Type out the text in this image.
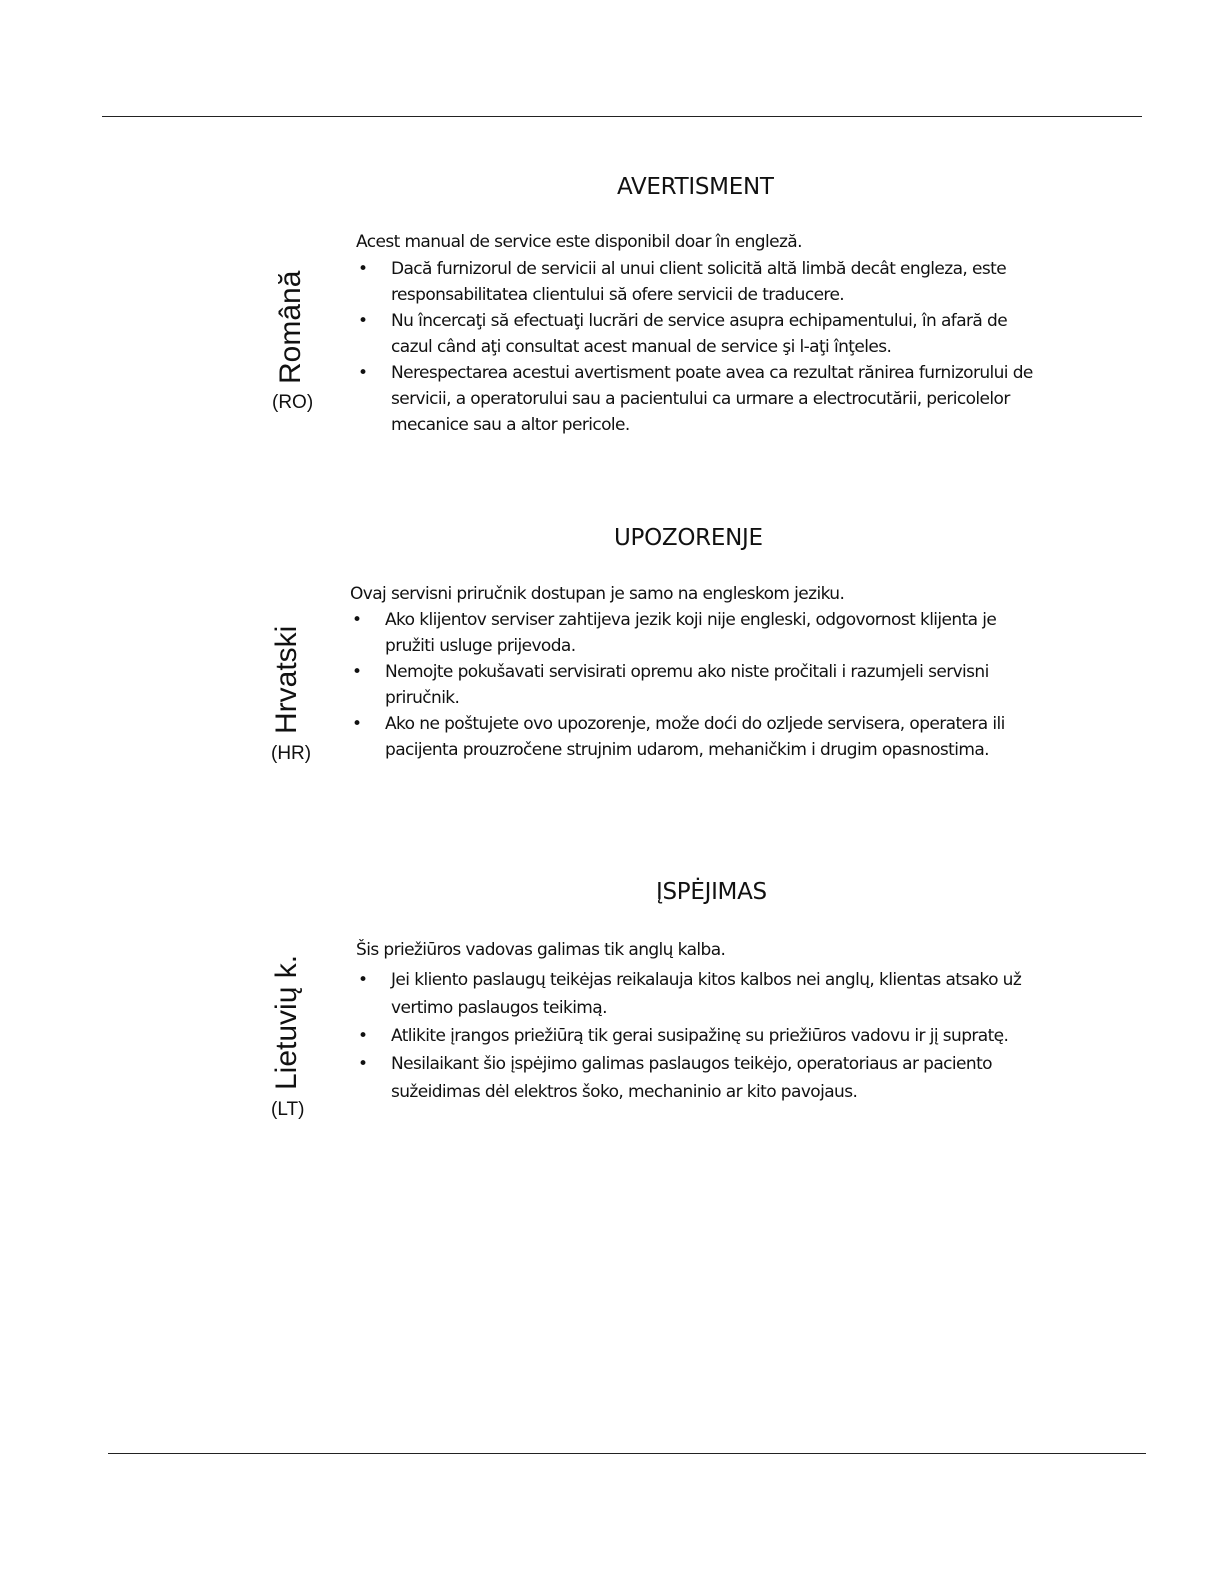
Română
(RO)
AVERTISMENT
Acest manual de service este disponibil doar în engleză.
• Dacă furnizorul de servicii al unui client solicită altă limbă decât engleza, este responsabilitatea clientului să ofere servicii de traducere.
• Nu încercaţi să efectuaţi lucrări de service asupra echipamentului, în afară de cazul când aţi consultat acest manual de service şi l-aţi înţeles.
• Nerespectarea acestui avertisment poate avea ca rezultat rănirea furnizorului de servicii, a operatorului sau a pacientului ca urmare a electrocutării, pericolelor mecanice sau a altor pericole.
Hrvatski
(HR)
UPOZORENJE
Ovaj servisni priručnik dostupan je samo na engleskom jeziku.
• Ako klijentov serviser zahtijeva jezik koji nije engleski, odgovornost klijenta je pružiti usluge prijevoda.
• Nemojte pokušavati servisirati opremu ako niste pročitali i razumjeli servisni priručnik.
• Ako ne poštujete ovo upozorenje, može doći do ozljede servisera, operatera ili pacijenta prouzročene strujnim udarom, mehaničkim i drugim opasnostima.
Lietuvių k.
(LT)
ĮSPĖJIMAS
Šis priežiūros vadovas galimas tik anglų kalba.
• Jei kliento paslaugų teikėjas reikalauja kitos kalbos nei anglų, klientas atsako už vertimo paslaugos teikimą.
• Atlikite įrangos priežiūrą tik gerai susipažinę su priežiūros vadovu ir jį supratę.
• Nesilaikant šio įspėjimo galimas paslaugos teikėjo, operatoriaus ar paciento sužeidimas dėl elektros šoko, mechaninio ar kito pavojaus.
